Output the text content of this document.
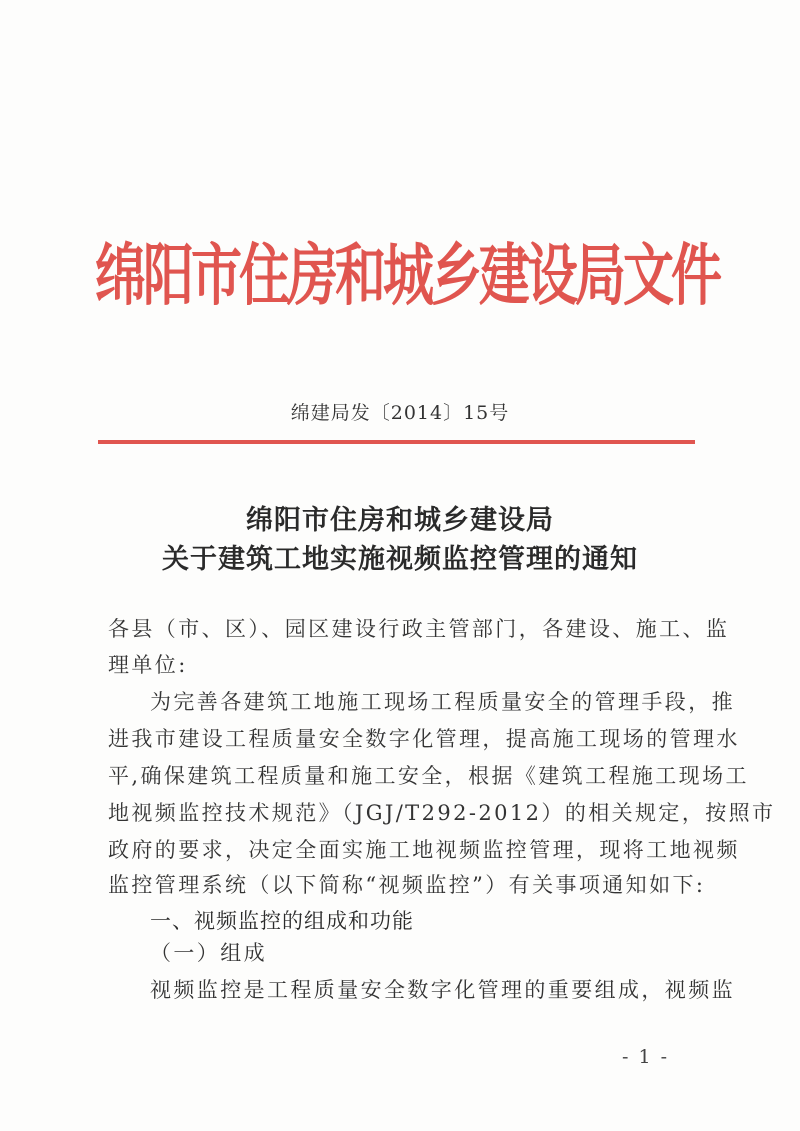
绵阳市住房和城乡建设局文件
绵建局发〔2014〕15号
绵阳市住房和城乡建设局
关于建筑工地实施视频监控管理的通知
各县（市、区）、园区建设行政主管部门，各建设、施工、监
理单位:
为完善各建筑工地施工现场工程质量安全的管理手段，推
进我市建设工程质量安全数字化管理，提高施工现场的管理水
平,确保建筑工程质量和施工安全，根据《建筑工程施工现场工
地视频监控技术规范》（JGJ/T292-2012）的相关规定，按照市
政府的要求，决定全面实施工地视频监控管理，现将工地视频
监控管理系统（以下简称“视频监控”）有关事项通知如下:
一、视频监控的组成和功能
（一）组成
视频监控是工程质量安全数字化管理的重要组成，视频监
- 1 -
